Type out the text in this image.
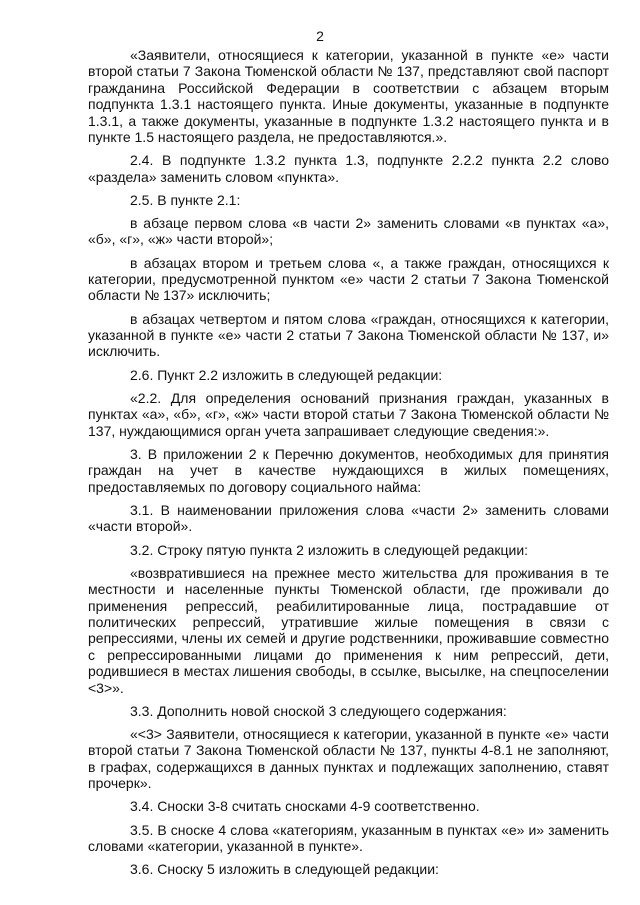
2

«Заявители, относящиеся к категории, указанной в пункте «е» части второй статьи 7 Закона Тюменской области № 137, представляют свой паспорт гражданина Российской Федерации в соответствии с абзацем вторым подпункта 1.3.1 настоящего пункта. Иные документы, указанные в подпункте 1.3.1, а также документы, указанные в подпункте 1.3.2 настоящего пункта и в пункте 1.5 настоящего раздела, не предоставляются.».

2.4. В подпункте 1.3.2 пункта 1.3, подпункте 2.2.2 пункта 2.2 слово «раздела» заменить словом «пункта».

2.5. В пункте 2.1:

в абзаце первом слова «в части 2» заменить словами «в пунктах «а», «б», «г», «ж» части второй»;

в абзацах втором и третьем слова «, а также граждан, относящихся к категории, предусмотренной пунктом «е» части 2 статьи 7 Закона Тюменской области № 137» исключить;

в абзацах четвертом и пятом слова «граждан, относящихся к категории, указанной в пункте «е» части 2 статьи 7 Закона Тюменской области № 137, и» исключить.

2.6. Пункт 2.2 изложить в следующей редакции:

«2.2. Для определения оснований признания граждан, указанных в пунктах «а», «б», «г», «ж» части второй статьи 7 Закона Тюменской области № 137, нуждающимися орган учета запрашивает следующие сведения:».

3. В приложении 2 к Перечню документов, необходимых для принятия граждан на учет в качестве нуждающихся в жилых помещениях, предоставляемых по договору социального найма:

3.1. В наименовании приложения слова «части 2» заменить словами «части второй».

3.2. Строку пятую пункта 2 изложить в следующей редакции:

«возвратившиеся на прежнее место жительства для проживания в те местности и населенные пункты Тюменской области, где проживали до применения репрессий, реабилитированные лица, пострадавшие от политических репрессий, утратившие жилые помещения в связи с репрессиями, члены их семей и другие родственники, проживавшие совместно с репрессированными лицами до применения к ним репрессий, дети, родившиеся в местах лишения свободы, в ссылке, высылке, на спецпоселении <3>».

3.3. Дополнить новой сноской 3 следующего содержания:

«<3> Заявители, относящиеся к категории, указанной в пункте «е» части второй статьи 7 Закона Тюменской области № 137, пункты 4-8.1 не заполняют, в графах, содержащихся в данных пунктах и подлежащих заполнению, ставят прочерк».

3.4. Сноски 3-8 считать сносками 4-9 соответственно.

3.5. В сноске 4 слова «категориям, указанным в пунктах «е» и» заменить словами «категории, указанной в пункте».

3.6. Сноску 5 изложить в следующей редакции:
